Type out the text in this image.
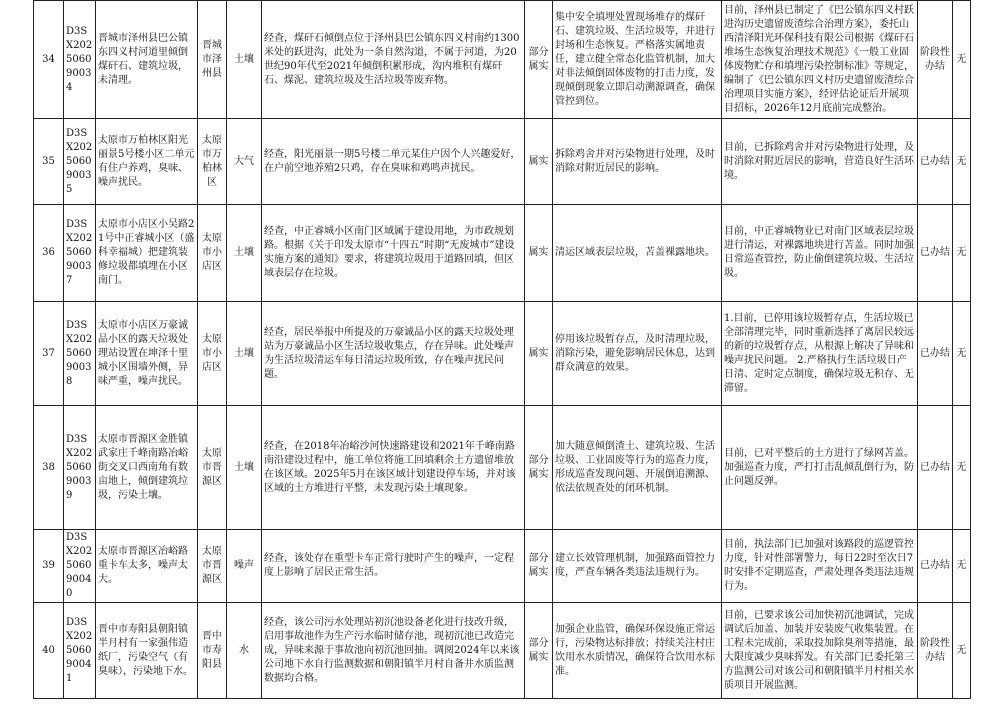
34	D3SX202506090034	晋城市泽州县巴公镇东四义村河道里倾倒煤矸石、建筑垃圾，未清理。	晋城市泽州县	土壤	经查，煤矸石倾倒点位于泽州县巴公镇东四义村南约1300米处的跃进沟，此处为一条自然沟道，不属于河道，为20世纪90年代至2021年倾倒积累形成，沟内堆积有煤矸石、煤泥、建筑垃圾及生活垃圾等废弃物。	部分属实	集中安全填埋处置现场堆存的煤矸石、建筑垃圾、生活垃圾等，并进行封场和生态恢复。严格落实属地责任，建立健全常态化监管机制，加大对非法倾倒固体废物的打击力度，发现倾倒现象立即启动溯源调查，确保管控到位。	目前，泽州县已制定了《巴公镇东四义村跃进沟历史遗留废渣综合治理方案》，委托山西清泽阳光环保科技有限公司根据《煤矸石堆场生态恢复治理技术规范》《一般工业固体废物贮存和填埋污染控制标准》等规定，编制了《巴公镇东四义村历史遗留废渣综合治理项目实施方案》，经评估论证后开展项目招标，2026年12月底前完成整治。	阶段性办结	无
35	D3SX202506090035	太原市万柏林区阳光丽景5号楼小区二单元有住户养鸡，臭味、噪声扰民。	太原市万柏林区	大气	经查，阳光丽景一期5号楼二单元某住户因个人兴趣爱好，在户前空地养殖2只鸡，存在臭味和鸡鸣声扰民。	属实	拆除鸡舍并对污染物进行处理，及时消除对附近居民的影响。	目前，已拆除鸡舍并对污染物进行处理，及时消除对附近居民的影响，营造良好生活环境。	已办结	无
36	D3SX202506090037	太原市小店区小吴路21号中正睿城小区（盛科幸福城）把建筑装修垃圾都填埋在小区南门。	太原市小店区	土壤	经查，中正睿城小区南门区域属于建设用地，为市政规划路。根据《关于印发太原市“十四五”时期“无废城市”建设实施方案的通知》要求，将建筑垃圾用于道路回填，但区域表层存在垃圾。	属实	清运区域表层垃圾，苫盖裸露地块。	目前，中正睿城物业已对南门区域表层垃圾进行清运，对裸露地块进行苫盖。同时加强日常巡查管控，防止偷倒建筑垃圾、生活垃圾。	已办结	无
37	D3SX202506090038	太原市小店区万豪诚品小区的露天垃圾处理站设置在坤泽十里城小区围墙外侧，异味严重，噪声扰民。	太原市小店区	土壤	经查，居民举报中所提及的万豪诚品小区的露天垃圾处理站为万豪诚品小区生活垃圾收集点，存在异味。此处噪声为生活垃圾清运车每日清运垃圾所致，存在噪声扰民问题。	属实	停用该垃圾暂存点，及时清理垃圾，消除污染，避免影响居民休息，达到群众满意的效果。	1.目前，已停用该垃圾暂存点，生活垃圾已全部清理完毕，同时重新选择了离居民较远的新的垃圾暂存点，从根源上解决了异味和噪声扰民问题。 2.严格执行生活垃圾日产日清、定时定点制度，确保垃圾无积存、无滞留。	已办结	无
38	D3SX202506090039	太原市晋源区金胜镇武家庄千峰南路冶峪街交叉口西南角有数亩地上，倾倒建筑垃圾，污染土壤。	太原市晋源区	土壤	经查，在2018年冶峪沙河快速路建设和2021年千峰南路南沿建设过程中，施工单位将施工回填剩余土方遗留堆放在该区域。2025年5月在该区域计划建设停车场，并对该区域的土方堆进行平整，未发现污染土壤现象。	部分属实	加大随意倾倒渣土、建筑垃圾、生活垃圾、工业固废等行为的巡查力度，形成巡查发现问题、开展倒追溯源、依法依规查处的闭环机制。	目前，已对平整后的土方进行了绿网苫盖。加强巡查力度，严打打击乱倾乱倒行为，防止问题反弹。	已办结	无
39	D3SX202506090040	太原市晋源区冶峪路重卡车太多，噪声太大。	太原市晋源区	噪声	经查，该处存在重型卡车正常行驶时产生的噪声，一定程度上影响了居民正常生活。	部分属实	建立长效管理机制，加强路面管控力度，严查车辆各类违法违规行为。	目前，执法部门已加强对该路段的巡逻管控力度，针对性部署警力，每日22时至次日7时安排不定期巡查，严肃处理各类违法违规行为。	已办结	无
40	D3SX202506090041	晋中市寿阳县朝阳镇半月村有一家强伟造纸厂，污染空气（有臭味），污染地下水。	晋中市寿阳县	水	经查，该公司污水处理站初沉池设备老化进行技改升级，启用事故池作为生产污水临时储存池，现初沉池已改造完成，异味来源于事故池向初沉池回抽。调阅2024年以来该公司地下水自行监测数据和朝阳镇半月村自备井水质监测数据均合格。	部分属实	加强企业监管，确保环保设施正常运行，污染物达标排放；持续关注村庄饮用水水质情况，确保符合饮用水标准。	目前，已要求该公司加快初沉池调试，完成调试后加盖、加装并安装废气收集装置。在工程未完成前，采取投加除臭剂等措施，最大限度减少臭味挥发。有关部门已委托第三方监测公司对该公司和朝阳镇半月村相关水质项目开展监测。	阶段性办结	无
